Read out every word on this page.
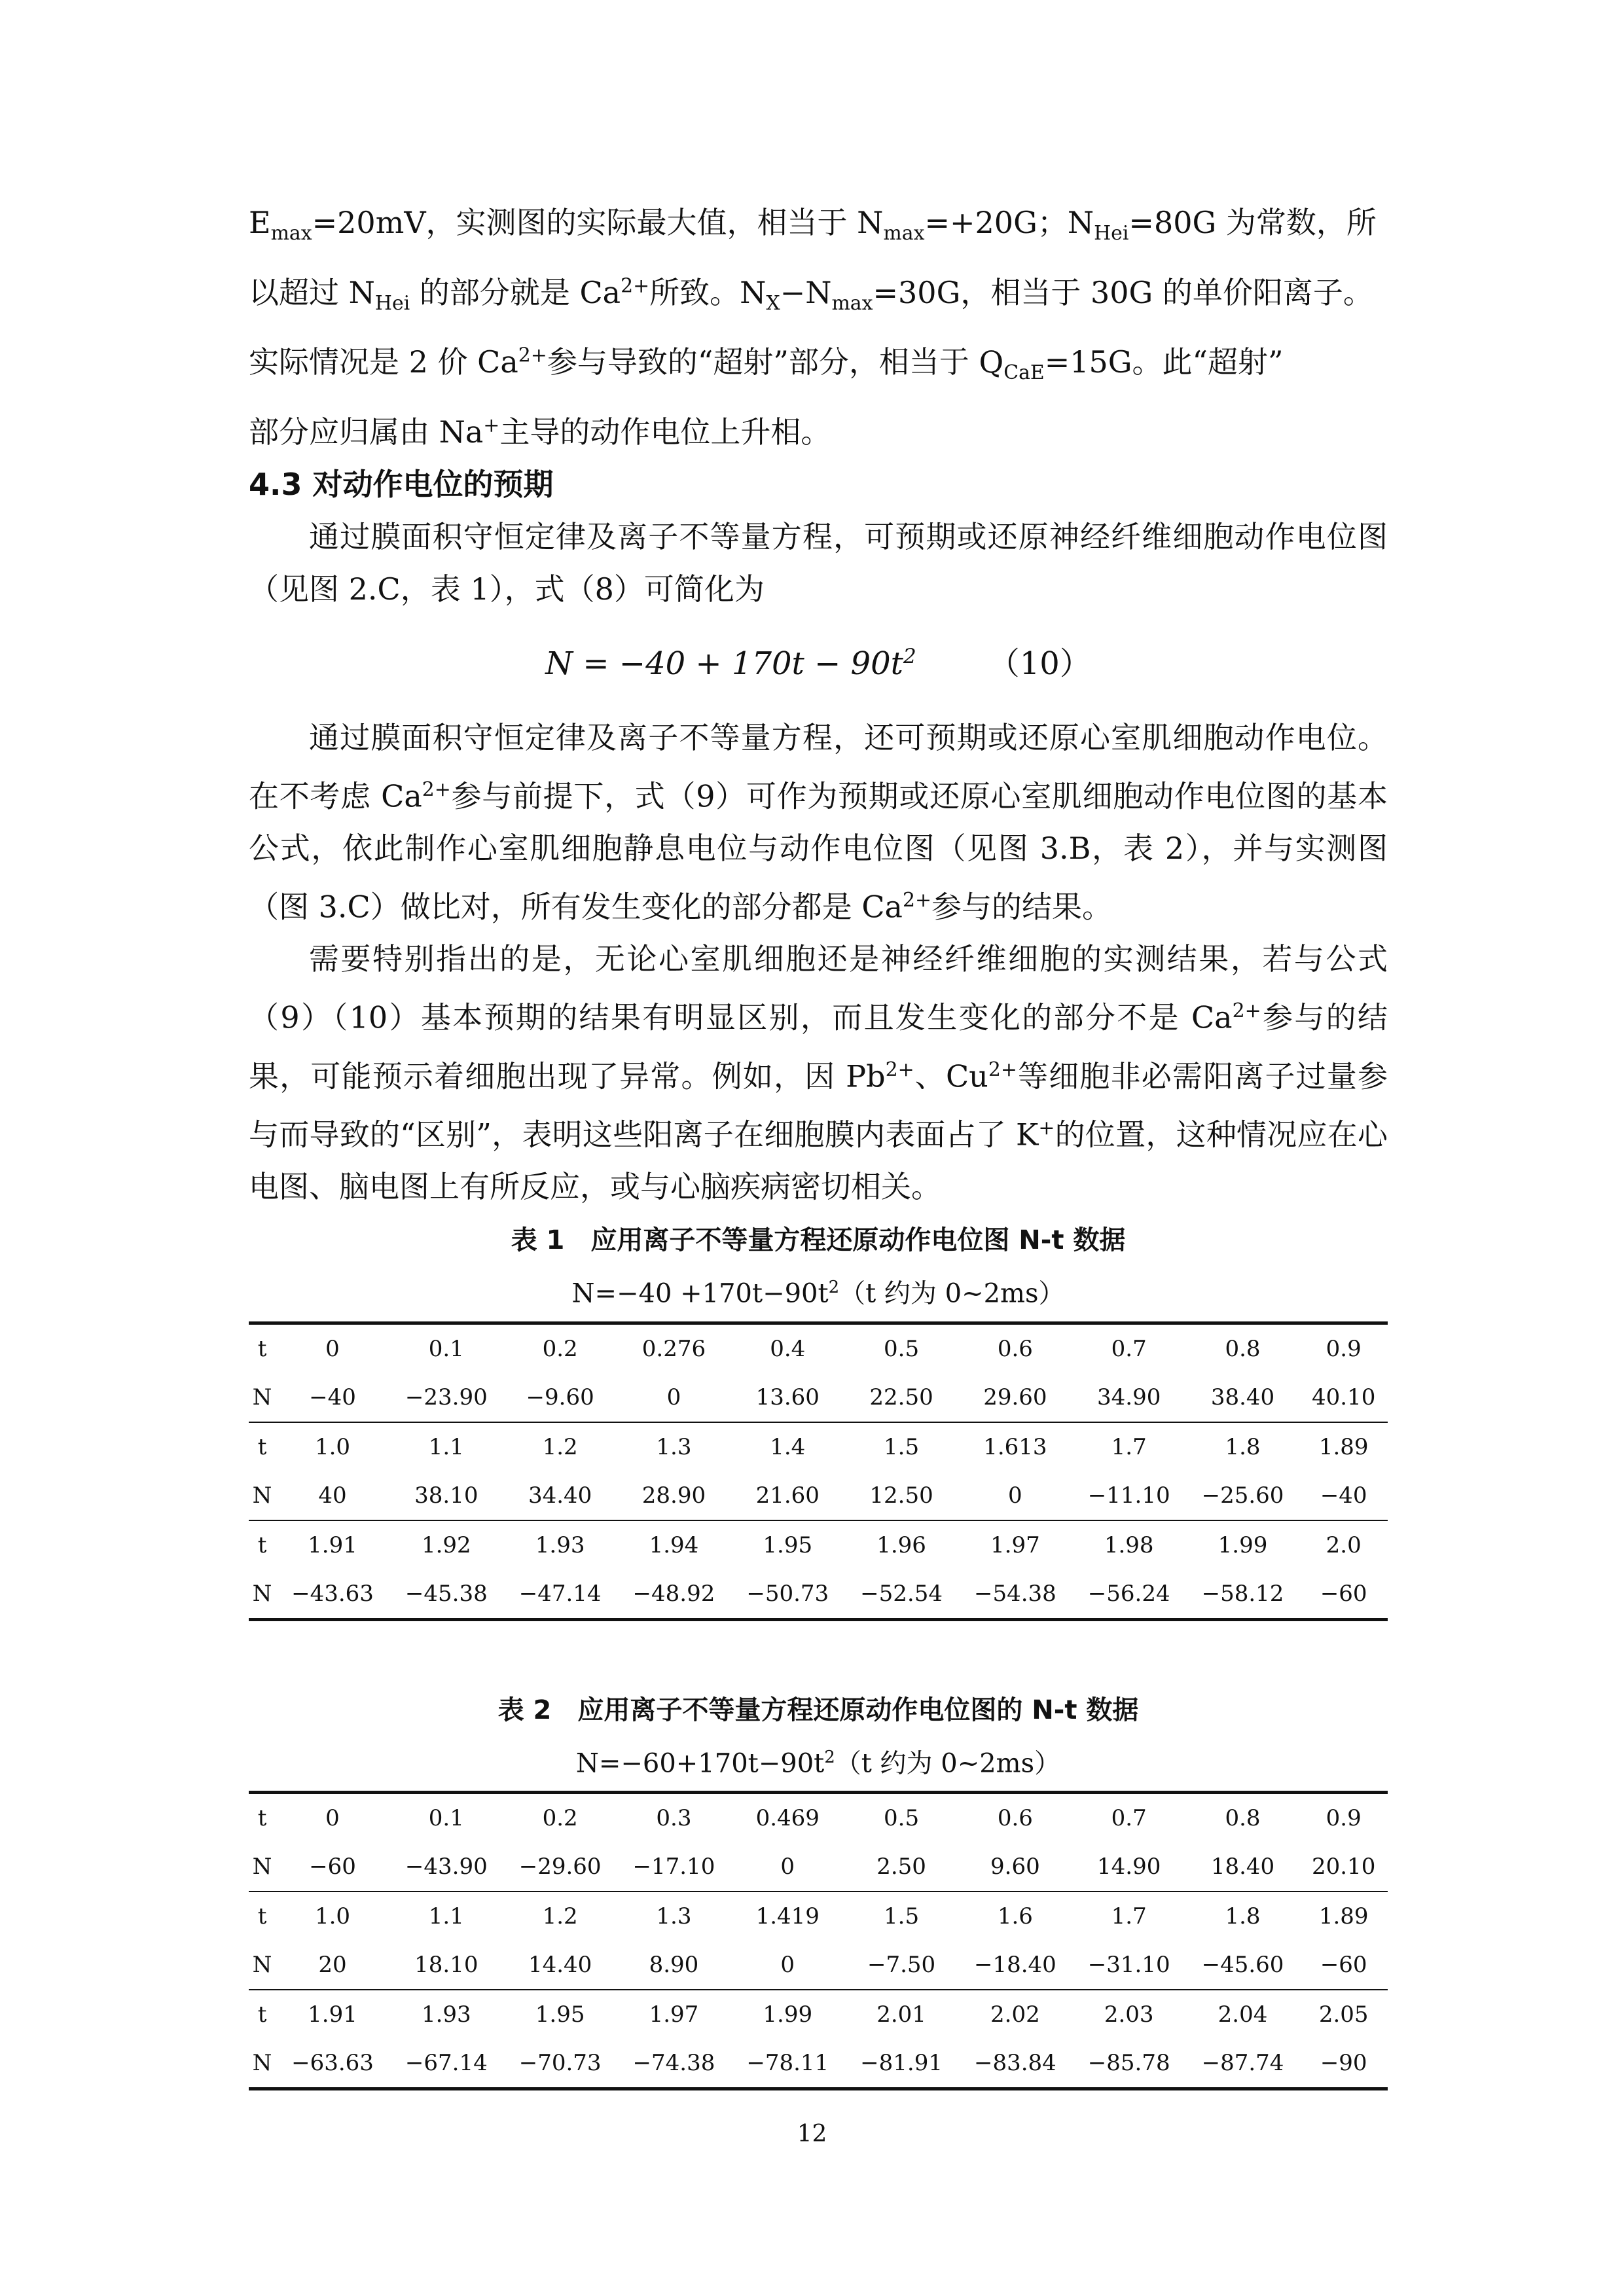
$E_{max}=20mV$，实测图的实际最大值，相当于 $N_{max}=+20G$；$N_{Hei}=80G$ 为常数，所
以超过 $N_{Hei}$ 的部分就是 $Ca^{2+}$所致。$N_X-N_{max}=30G$，相当于 30G 的单价阳离子。
实际情况是 2 价 $Ca^{2+}$参与导致的“超射”部分，相当于 $Q_{CaE}=15G$。此“超射”
部分应归属由 Na+主导的动作电位上升相。

4.3 对动作电位的预期

通过膜面积守恒定律及离子不等量方程，可预期或还原神经纤维细胞动作电位图（见图 2.C，表 1），式（8）可简化为

$N = -40 + 170t - 90t^2$ （10）

通过膜面积守恒定律及离子不等量方程，还可预期或还原心室肌细胞动作电位。在不考虑 $Ca^{2+}$参与前提下，式（9）可作为预期或还原心室肌细胞动作电位图的基本公式，依此制作心室肌细胞静息电位与动作电位图（见图 3.B，表 2），并与实测图（图 3.C）做比对，所有发生变化的部分都是 $Ca^{2+}$参与的结果。

需要特别指出的是，无论心室肌细胞还是神经纤维细胞的实测结果，若与公式（9）（10）基本预期的结果有明显区别，而且发生变化的部分不是 $Ca^{2+}$参与的结果，可能预示着细胞出现了异常。例如，因 $Pb^{2+}$、$Cu^{2+}$等细胞非必需阳离子过量参与而导致的“区别”，表明这些阳离子在细胞膜内表面占了 K+的位置，这种情况应在心电图、脑电图上有所反应，或与心脑疾病密切相关。

表 1　应用离子不等量方程还原动作电位图 N-t 数据

$N=-40 +170t-90t^2(t$ 约为 0~2ms）

t	0	0.1	0.2	0.276	0.4	0.5	0.6	0.7	0.8	0.9
N	−40	−23.90	−9.60	0	13.60	22.50	29.60	34.90	38.40	40.10
t	1.0	1.1	1.2	1.3	1.4	1.5	1.613	1.7	1.8	1.89
N	40	38.10	34.40	28.90	21.60	12.50	0	−11.10	−25.60	−40
t	1.91	1.92	1.93	1.94	1.95	1.96	1.97	1.98	1.99	2.0
N	−43.63	−45.38	−47.14	−48.92	−50.73	−52.54	−54.38	−56.24	−58.12	−60

表 2　应用离子不等量方程还原动作电位图的 N-t 数据

$N=-60+170t-90t^2(t$ 约为 0~2ms）

t	0	0.1	0.2	0.3	0.469	0.5	0.6	0.7	0.8	0.9
N	−60	−43.90	−29.60	−17.10	0	2.50	9.60	14.90	18.40	20.10
t	1.0	1.1	1.2	1.3	1.419	1.5	1.6	1.7	1.8	1.89
N	20	18.10	14.40	8.90	0	−7.50	−18.40	−31.10	−45.60	−60
t	1.91	1.93	1.95	1.97	1.99	2.01	2.02	2.03	2.04	2.05
N	−63.63	−67.14	−70.73	−74.38	−78.11	−81.91	−83.84	−85.78	−87.74	−90
12
